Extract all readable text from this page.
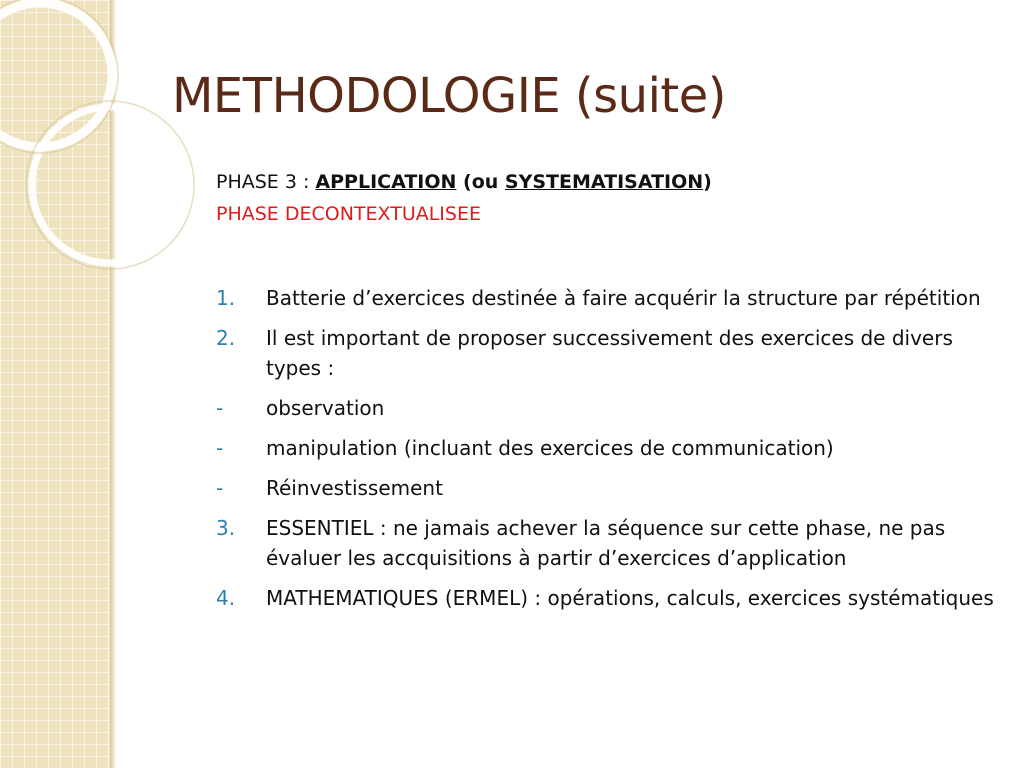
METHODOLOGIE (suite)
PHASE 3 : APPLICATION (ou SYSTEMATISATION)
PHASE DECONTEXTUALISEE
1.	Batterie d’exercices destinée à faire acquérir la structure par répétition
2.	Il est important de proposer successivement des exercices de divers types :
-	observation
-	manipulation (incluant des exercices de communication)
-	Réinvestissement
3.	ESSENTIEL : ne jamais achever la séquence sur cette phase, ne pas évaluer les accquisitions à partir d’exercices d’application
4.	MATHEMATIQUES (ERMEL) : opérations, calculs, exercices systématiques
